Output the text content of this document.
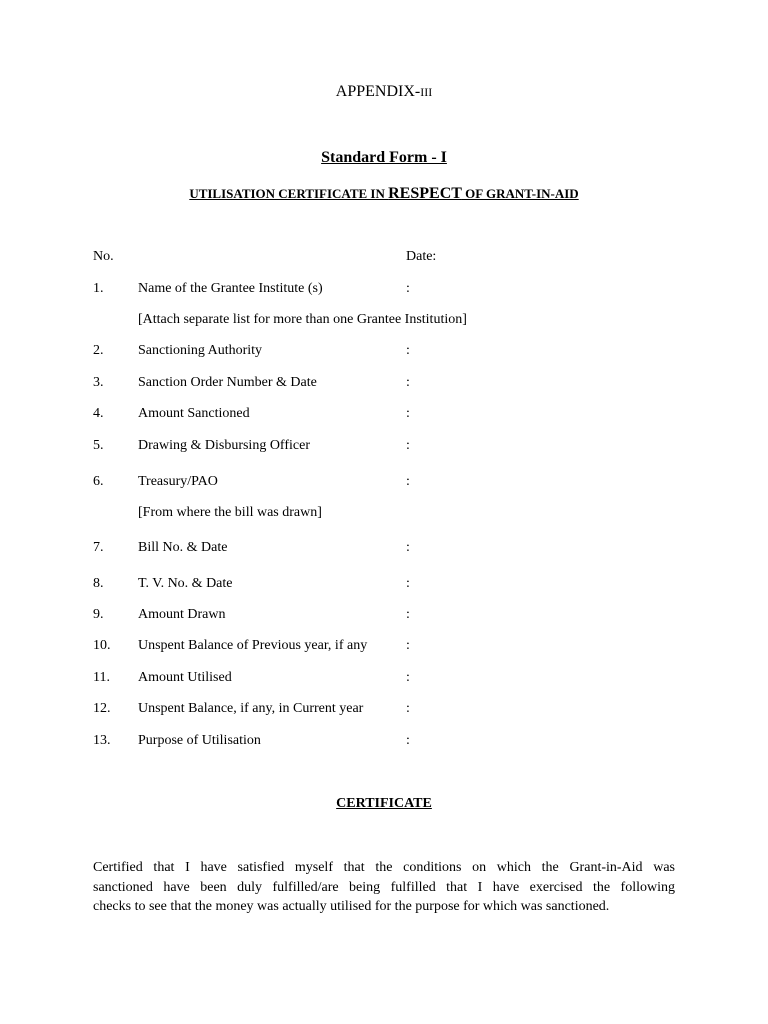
APPENDIX-III
Standard Form - I
UTILISATION CERTIFICATE IN RESPECT OF GRANT-IN-AID
No.	Date:
1. Name of the Grantee Institute (s)	:
[Attach separate list for more than one Grantee Institution]
2. Sanctioning Authority	:
3. Sanction Order Number & Date	:
4. Amount Sanctioned	:
5. Drawing & Disbursing Officer	:
6. Treasury/PAO	:
[From where the bill was drawn]
7. Bill No. & Date	:
8. T. V. No. & Date	:
9. Amount Drawn	:
10. Unspent Balance of Previous year, if any	:
11. Amount Utilised	:
12. Unspent Balance, if any, in Current year	:
13. Purpose of Utilisation	:
CERTIFICATE
Certified that I have satisfied myself that the conditions on which the Grant-in-Aid was
sanctioned have been duly fulfilled/are being fulfilled that I have exercised the following
checks to see that the money was actually utilised for the purpose for which was sanctioned.
